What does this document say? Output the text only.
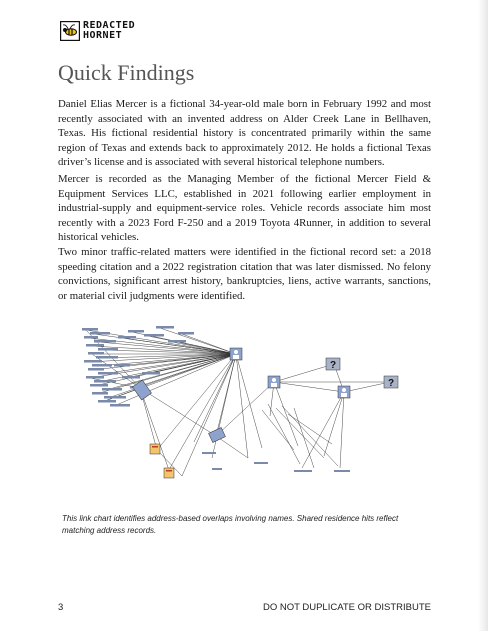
REDACTED
HORNET
Quick Findings

Daniel Elias Mercer is a fictional 34-year-old male born in February 1992 and most recently associated with an invented address on Alder Creek Lane in Bellhaven, Texas. His fictional residential history is concentrated primarily within the same region of Texas and extends back to approximately 2012. He holds a fictional Texas driver’s license and is associated with several historical telephone numbers.

Mercer is recorded as the Managing Member of the fictional Mercer Field & Equipment Services LLC, established in 2021 following earlier employment in industrial-supply and equipment-service roles. Vehicle records associate him most recently with a 2023 Ford F-250 and a 2019 Toyota 4Runner, in addition to several historical vehicles.

Two minor traffic-related matters were identified in the fictional record set: a 2018 speeding citation and a 2022 registration citation that was later dismissed. No felony convictions, significant arrest history, bankruptcies, liens, active warrants, sanctions, or material civil judgments were identified.

?
?

This link chart identifies address-based overlaps involving names. Shared residence hits reflect matching address records.

3	DO NOT DUPLICATE OR DISTRIBUTE
